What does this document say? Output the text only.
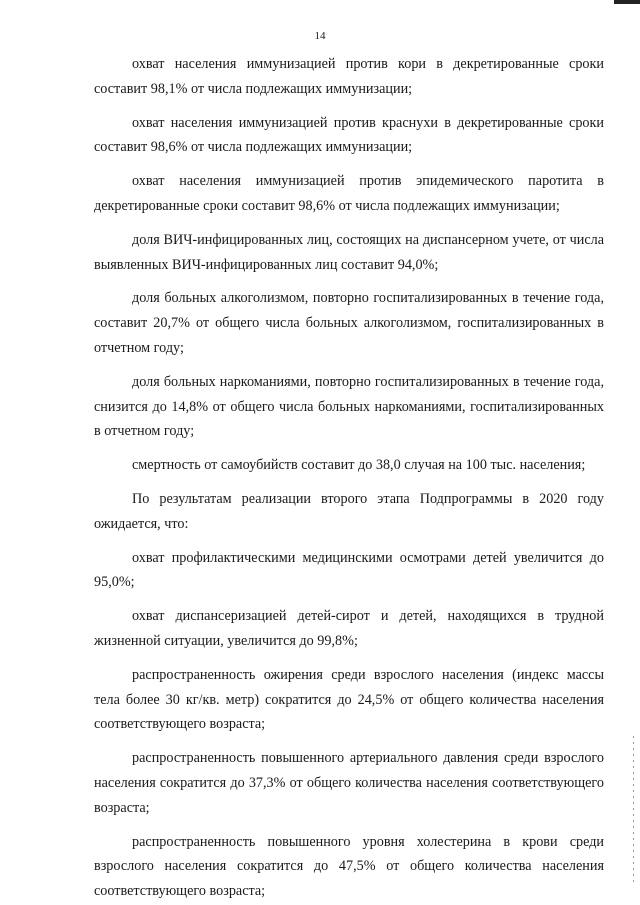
14

охват населения иммунизацией против кори в декретированные сроки составит 98,1% от числа подлежащих иммунизации;

охват населения иммунизацией против краснухи в декретированные сроки составит 98,6% от числа подлежащих иммунизации;

охват населения иммунизацией против эпидемического паротита в декретированные сроки составит 98,6% от числа подлежащих иммунизации;

доля ВИЧ-инфицированных лиц, состоящих на диспансерном учете, от числа выявленных ВИЧ-инфицированных лиц составит 94,0%;

доля больных алкоголизмом, повторно госпитализированных в течение года, составит 20,7% от общего числа больных алкоголизмом, госпитализированных в отчетном году;

доля больных наркоманиями, повторно госпитализированных в течение года, снизится до 14,8% от общего числа больных наркоманиями, госпитализированных в отчетном году;

смертность от самоубийств составит до 38,0 случая на 100 тыс. населения;

По результатам реализации второго этапа Подпрограммы в 2020 году ожидается, что:

охват профилактическими медицинскими осмотрами детей увеличится до 95,0%;

охват диспансеризацией детей-сирот и детей, находящихся в трудной жизненной ситуации, увеличится до 99,8%;

распространенность ожирения среди взрослого населения (индекс массы тела более 30 кг/кв. метр) сократится до 24,5% от общего количества населения соответствующего возраста;

распространенность повышенного артериального давления среди взрослого населения сократится до 37,3% от общего количества населения соответствующего возраста;

распространенность повышенного уровня холестерина в крови среди взрослого населения сократится до 47,5% от общего количества населения соответствующего возраста;
